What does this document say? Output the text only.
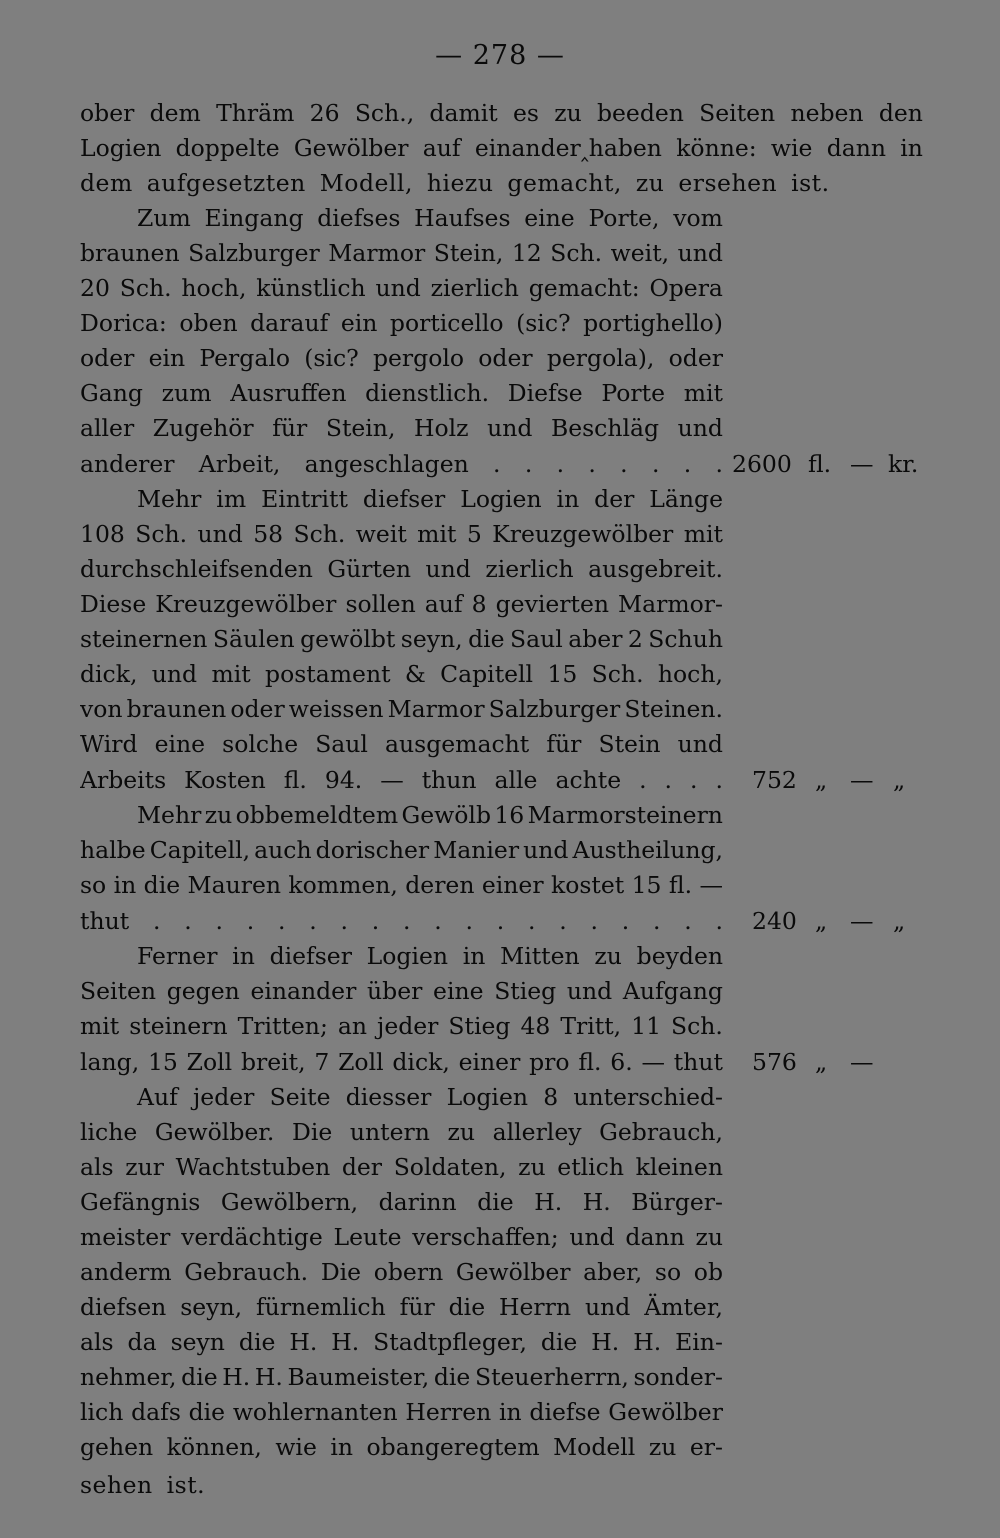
— 278 —
ober dem Thräm 26 Sch., damit es zu beeden Seiten neben den
Logien doppelte Gewölber auf einander‸haben könne: wie dann in
dem aufgesetzten Modell, hiezu gemacht, zu ersehen ist.
Zum Eingang diefses Haufses eine Porte, vom
braunen Salzburger Marmor Stein, 12 Sch. weit, und
20 Sch. hoch, künstlich und zierlich gemacht: Opera
Dorica: oben darauf ein porticello (sic? portighello)
oder ein Pergalo (sic? pergolo oder pergola), oder
Gang zum Ausruffen dienstlich. Diefse Porte mit
aller Zugehör für Stein, Holz und Beschläg und
anderer Arbeit, angeschlagen . . . . . . . .
Mehr im Eintritt diefser Logien in der Länge
108 Sch. und 58 Sch. weit mit 5 Kreuzgewölber mit
durchschleifsenden Gürten und zierlich ausgebreit.
Diese Kreuzgewölber sollen auf 8 gevierten Marmor-
steinernen Säulen gewölbt seyn, die Saul aber 2 Schuh
dick, und mit postament & Capitell 15 Sch. hoch,
von braunen oder weissen Marmor Salzburger Steinen.
Wird eine solche Saul ausgemacht für Stein und
Arbeits Kosten fl. 94. — thun alle achte . . . .
Mehr zu obbemeldtem Gewölb 16 Marmorsteinern
halbe Capitell, auch dorischer Manier und Austheilung,
so in die Mauren kommen, deren einer kostet 15 fl. —
thut . . . . . . . . . . . . . . . . . . .
Ferner in diefser Logien in Mitten zu beyden
Seiten gegen einander über eine Stieg und Aufgang
mit steinern Tritten; an jeder Stieg 48 Tritt, 11 Sch.
lang, 15 Zoll breit, 7 Zoll dick, einer pro fl. 6. — thut
Auf jeder Seite diesser Logien 8 unterschied-
liche Gewölber. Die untern zu allerley Gebrauch,
als zur Wachtstuben der Soldaten, zu etlich kleinen
Gefängnis Gewölbern, darinn die H. H. Bürger-
meister verdächtige Leute verschaffen; und dann zu
anderm Gebrauch. Die obern Gewölber aber, so ob
diefsen seyn, fürnemlich für die Herrn und Ämter,
als da seyn die H. H. Stadtpfleger, die H. H. Ein-
nehmer, die H. H. Baumeister, die Steuerherrn, sonder-
lich dafs die wohlernanten Herren in diefse Gewölber
gehen können, wie in obangeregtem Modell zu er-
sehen ist.
2600 fl. — kr.
752 „ — „
240 „ — „
576 „ —
